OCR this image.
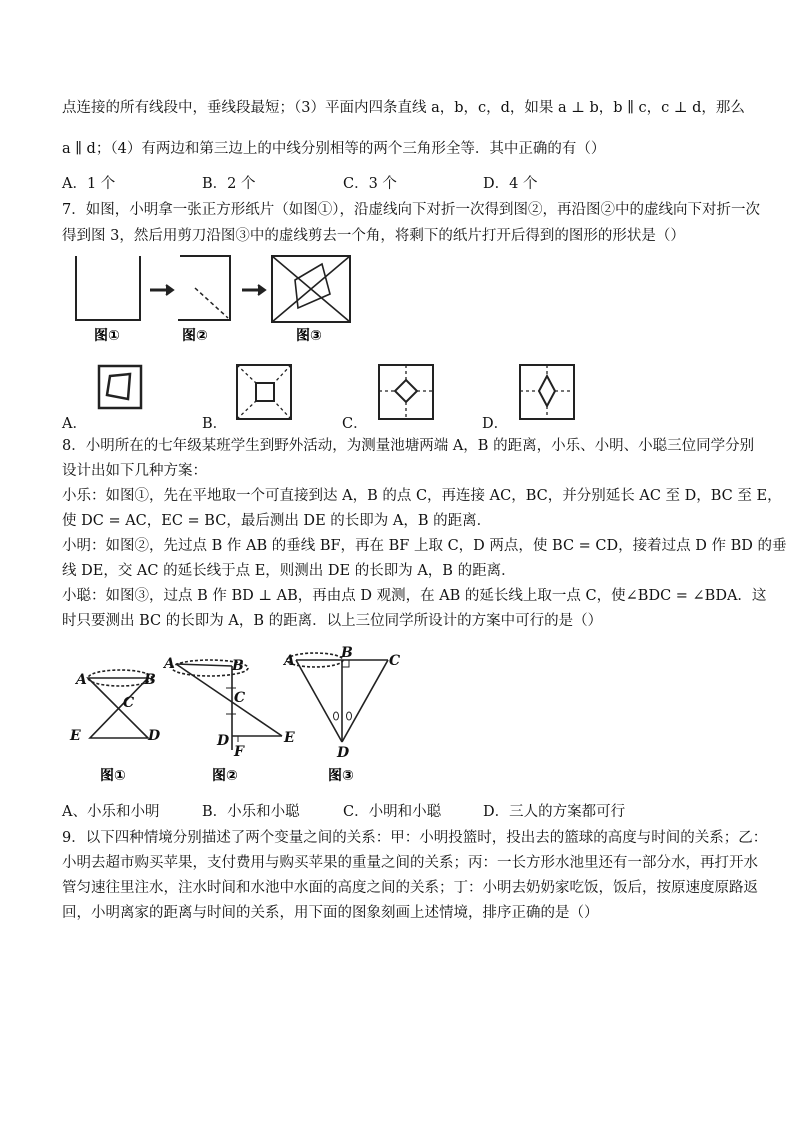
点连接的所有线段中，垂线段最短；（3）平面内四条直线 a，b，c，d，如果 a ⊥ b，b ∥ c，c ⊥ d，那么
a ∥ d；（4）有两边和第三边上的中线分别相等的两个三角形全等．其中正确的有（）
A．1 个	B．2 个	C．3 个	D．4 个
7．如图，小明拿一张正方形纸片（如图①），沿虚线向下对折一次得到图②，再沿图②中的虚线向下对折一次
得到图 3，然后用剪刀沿图③中的虚线剪去一个角，将剩下的纸片打开后得到的图形的形状是（）
图①	图②	图③
A．	B．	C．	D．
8．小明所在的七年级某班学生到野外活动，为测量池塘两端 A，B 的距离，小乐、小明、小聪三位同学分别
设计出如下几种方案：
小乐：如图①，先在平地取一个可直接到达 A，B 的点 C，再连接 AC，BC，并分别延长 AC 至 D，BC 至 E，
使 DC = AC，EC = BC，最后测出 DE 的长即为 A，B 的距离．
小明：如图②，先过点 B 作 AB 的垂线 BF，再在 BF 上取 C，D 两点，使 BC = CD，接着过点 D 作 BD 的垂
线 DE，交 AC 的延长线于点 E，则测出 DE 的长即为 A，B 的距离．
小聪：如图③，过点 B 作 BD ⊥ AB，再由点 D 观测，在 AB 的延长线上取一点 C，使∠BDC = ∠BDA．这
时只要测出 BC 的长即为 A，B 的距离．以上三位同学所设计的方案中可行的是（）
A	B
C
D
E
A	B
C
D	E
F
A	B	C
D
图①	图②	图③
A、小乐和小明	B．小乐和小聪	C．小明和小聪	D．三人的方案都可行
9．以下四种情境分别描述了两个变量之间的关系：甲：小明投篮时，投出去的篮球的高度与时间的关系；乙：
小明去超市购买苹果，支付费用与购买苹果的重量之间的关系；丙：一长方形水池里还有一部分水，再打开水
管匀速往里注水，注水时间和水池中水面的高度之间的关系；丁：小明去奶奶家吃饭，饭后，按原速度原路返
回，小明离家的距离与时间的关系，用下面的图象刻画上述情境，排序正确的是（）
